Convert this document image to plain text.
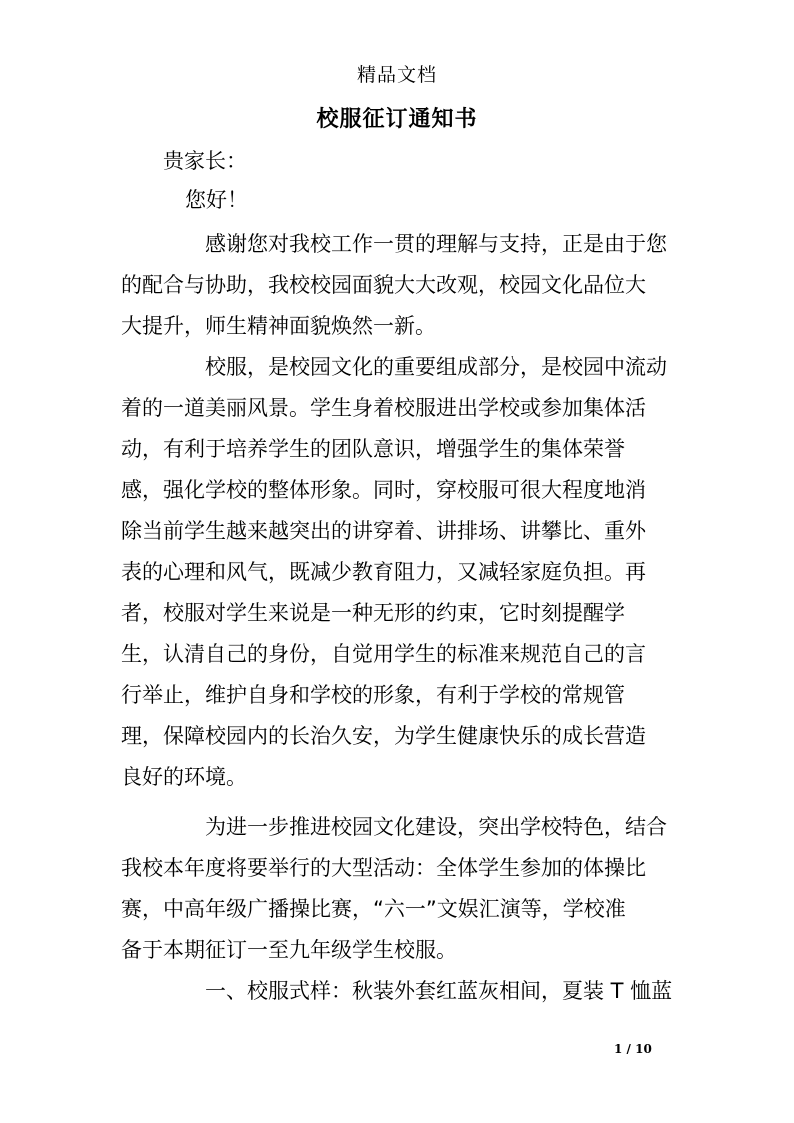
精品文档
校服征订通知书
贵家长：
您好！
感谢您对我校工作一贯的理解与支持，正是由于您
的配合与协助，我校校园面貌大大改观，校园文化品位大
大提升，师生精神面貌焕然一新。
校服，是校园文化的重要组成部分，是校园中流动
着的一道美丽风景。学生身着校服进出学校或参加集体活
动，有利于培养学生的团队意识，增强学生的集体荣誉
感，强化学校的整体形象。同时，穿校服可很大程度地消
除当前学生越来越突出的讲穿着、讲排场、讲攀比、重外
表的心理和风气，既减少教育阻力，又减轻家庭负担。再
者，校服对学生来说是一种无形的约束，它时刻提醒学
生，认清自己的身份，自觉用学生的标准来规范自己的言
行举止，维护自身和学校的形象，有利于学校的常规管
理，保障校园内的长治久安，为学生健康快乐的成长营造
良好的环境。
为进一步推进校园文化建设，突出学校特色，结合
我校本年度将要举行的大型活动：全体学生参加的体操比
赛，中高年级广播操比赛，“六一”文娱汇演等，学校准
备于本期征订一至九年级学生校服。
一、校服式样：秋装外套红蓝灰相间，夏装 T 恤蓝
1 / 10
